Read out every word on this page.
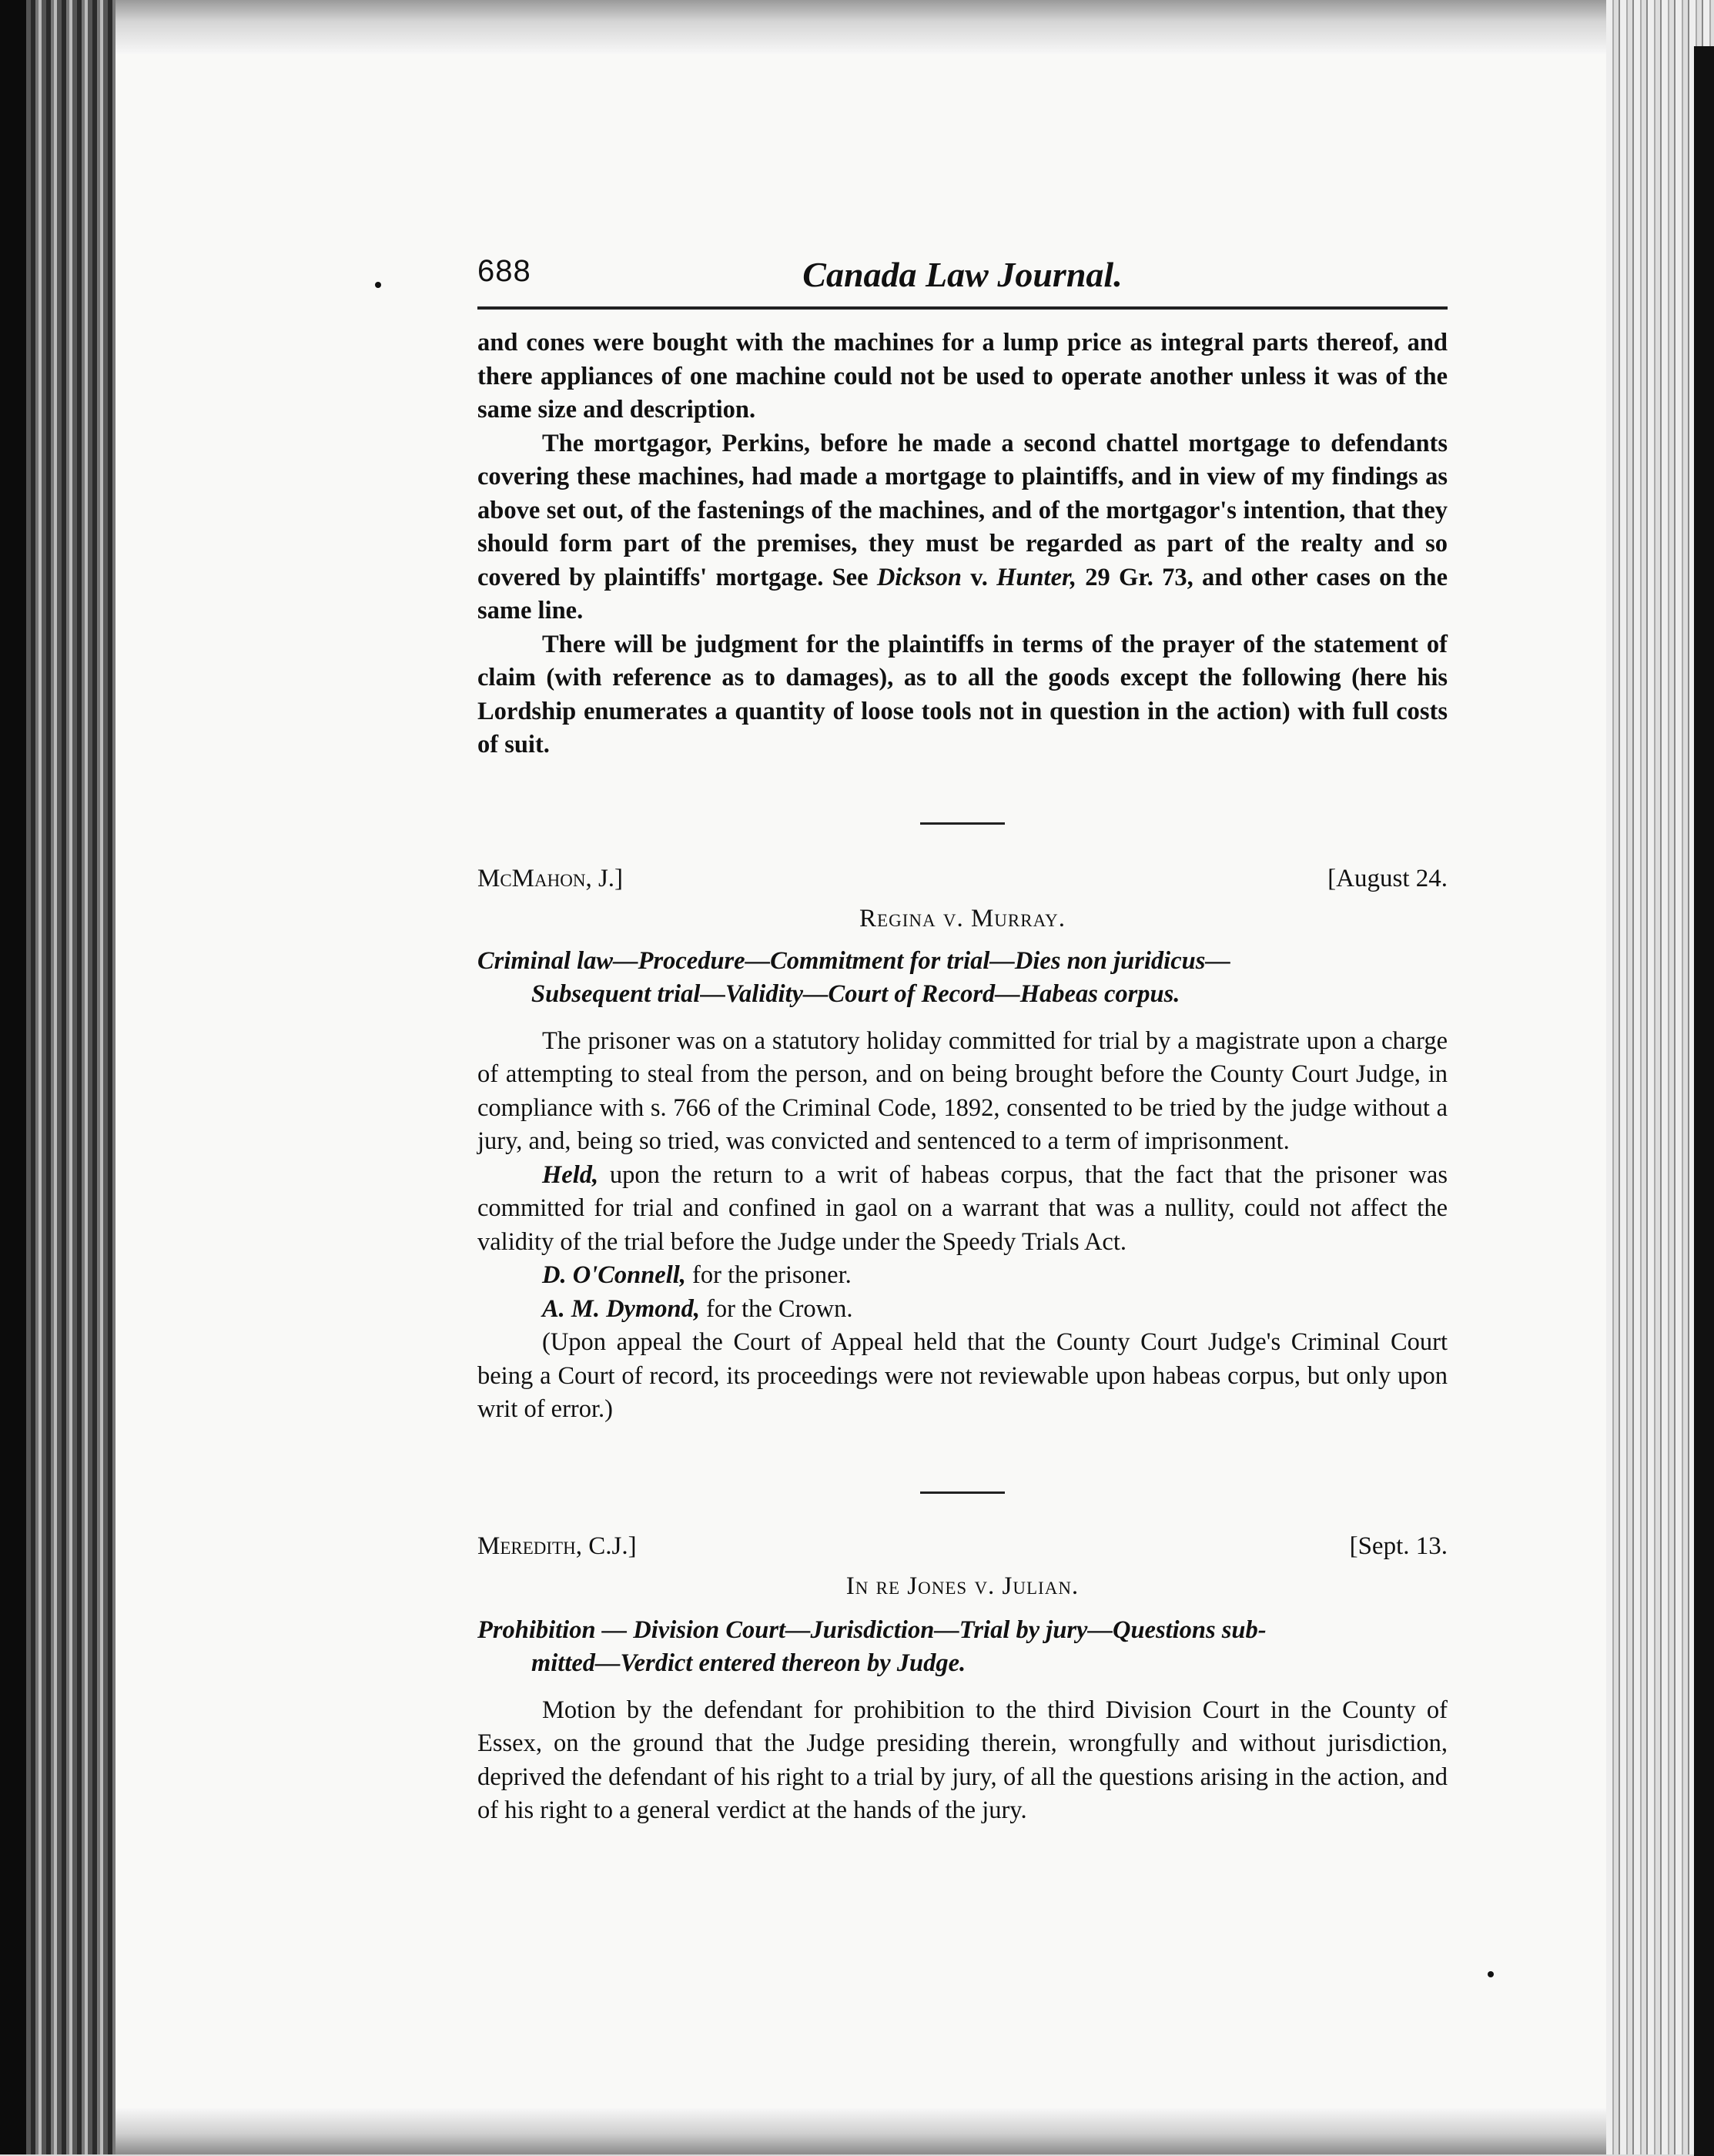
688	Canada Law Journal.

and cones were bought with the machines for a lump price as integral parts thereof, and there appliances of one machine could not be used to operate another unless it was of the same size and description.

The mortgagor, Perkins, before he made a second chattel mortgage to defendants covering these machines, had made a mortgage to plaintiffs, and in view of my findings as above set out, of the fastenings of the machines, and of the mortgagor's intention, that they should form part of the premises, they must be regarded as part of the realty and so covered by plaintiffs' mortgage. See Dickson v. Hunter, 29 Gr. 73, and other cases on the same line.

There will be judgment for the plaintiffs in terms of the prayer of the statement of claim (with reference as to damages), as to all the goods except the following (here his Lordship enumerates a quantity of loose tools not in question in the action) with full costs of suit.

McMahon, J.]	[August 24.
Regina v. Murray.
Criminal law—Procedure—Commitment for trial—Dies non juridicus—
Subsequent trial—Validity—Court of Record—Habeas corpus.

The prisoner was on a statutory holiday committed for trial by a magistrate upon a charge of attempting to steal from the person, and on being brought before the County Court Judge, in compliance with s. 766 of the Criminal Code, 1892, consented to be tried by the judge without a jury, and, being so tried, was convicted and sentenced to a term of imprisonment.

Held, upon the return to a writ of habeas corpus, that the fact that the prisoner was committed for trial and confined in gaol on a warrant that was a nullity, could not affect the validity of the trial before the Judge under the Speedy Trials Act.

D. O'Connell, for the prisoner.

A. M. Dymond, for the Crown.

(Upon appeal the Court of Appeal held that the County Court Judge's Criminal Court being a Court of record, its proceedings were not reviewable upon habeas corpus, but only upon writ of error.)

Meredith, C.J.]	[Sept. 13.
In re Jones v. Julian.
Prohibition — Division Court—Jurisdiction—Trial by jury—Questions sub-
mitted—Verdict entered thereon by Judge.

Motion by the defendant for prohibition to the third Division Court in the County of Essex, on the ground that the Judge presiding therein, wrongfully and without jurisdiction, deprived the defendant of his right to a trial by jury, of all the questions arising in the action, and of his right to a general verdict at the hands of the jury.
